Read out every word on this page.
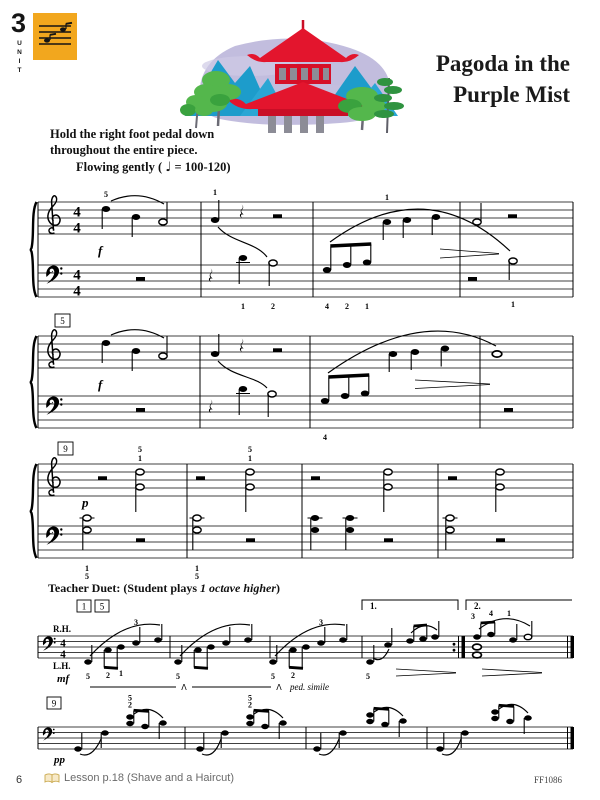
3
UNIT	Pagoda in the
Purple Mist
Hold the right foot pedal down
throughout the entire piece.
Flowing gently ( ♩ = 100-120)
4
4
4
4
f
5	1
1	2	4 2 1
1
1
5
f
4
9
p
5
1
1
5
5
1
1
5
Teacher Duet: (Student plays 1 octave higher)
1 5
R.H.
L.H.
mf
4
4
1.	2.
5 2 1
3
5	5 2
3
5
3 4 1
Λ	Λ ped. simile
9
pp
5
2
5
2
6	Lesson p.18 (Shave and a Haircut)	FF1086
